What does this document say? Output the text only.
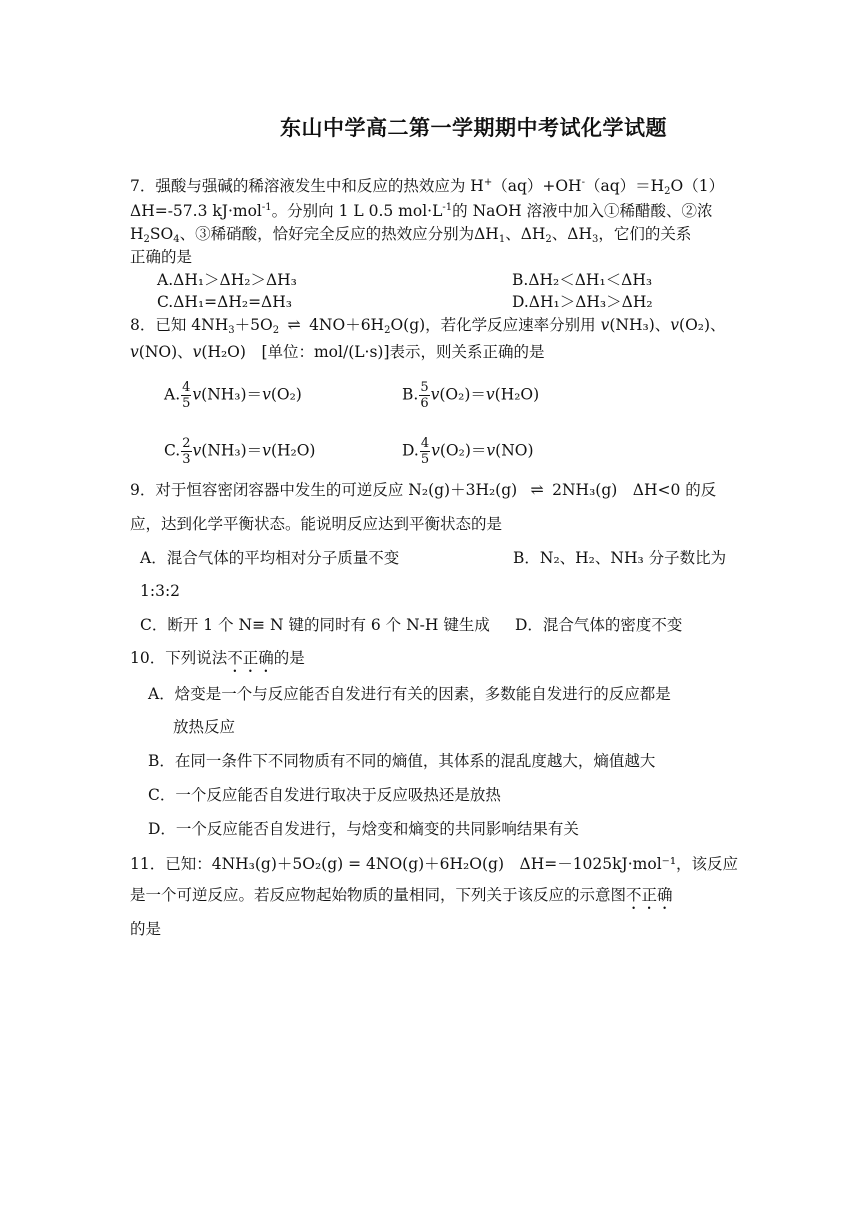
东山中学高二第一学期期中考试化学试题
7．强酸与强碱的稀溶液发生中和反应的热效应为 $H^+(aq)+OH^-(aq)=H_2O(1)$
ΔH=-57.3 kJ·mol$^{-1}$。分别向 1 L 0.5 $mol\cdot L^{-1}$的 NaOH 溶液中加入①稀醋酸、②浓
$H_2SO_4$、③稀硝酸，恰好完全反应的热效应分别为$\Delta H_1$、$\Delta H_2$、$\Delta H_3$，它们的关系
正确的是
A.ΔH₁＞ΔH₂＞ΔH₃	B.ΔH₂＜ΔH₁＜ΔH₃
C.ΔH₁=ΔH₂=ΔH₃	D.ΔH₁＞ΔH₃＞ΔH₂
8．已知 $4NH_3+5O_2$ ⇌ $4NO+6H_2O(g)$，若化学反应速率分别用 v(NH₃)、v(O₂)、
v(NO)、v(H₂O)　[单位：mol/(L·s)]表示，则关系正确的是
A. $\frac{4}{5} v(NH_3)=v(O_2)$	B. $\frac{5}{6} v(O_2)=v(H_2O)$
C. $\frac{2}{3} v(NH_3)=v(H_2O)$	D. $\frac{4}{5} v(O_2)=v(NO)$
9．对于恒容密闭容器中发生的可逆反应 N₂(g)＋3H₂(g) ⇌2NH₃(g)　ΔH<0 的反
应，达到化学平衡状态。能说明反应达到平衡状态的是
A．混合气体的平均相对分子质量不变	B．N₂、H₂、NH₃ 分子数比为
1:3:2
C．断开 1 个 N≡ N 键的同时有 6 个 N-H 键生成 D．混合气体的密度不变
10．下列说法不正确的是
A．焓变是一个与反应能否自发进行有关的因素，多数能自发进行的反应都是
放热反应
B．在同一条件下不同物质有不同的熵值，其体系的混乱度越大，熵值越大
C．一个反应能否自发进行取决于反应吸热还是放热
D．一个反应能否自发进行，与焓变和熵变的共同影响结果有关
11．已知：4NH₃(g)＋5O₂(g) = 4NO(g)＋6H₂O(g)　ΔH=－1025kJ·mol⁻¹，该反应
是一个可逆反应。若反应物起始物质的量相同，下列关于该反应的示意图不正确
的是
